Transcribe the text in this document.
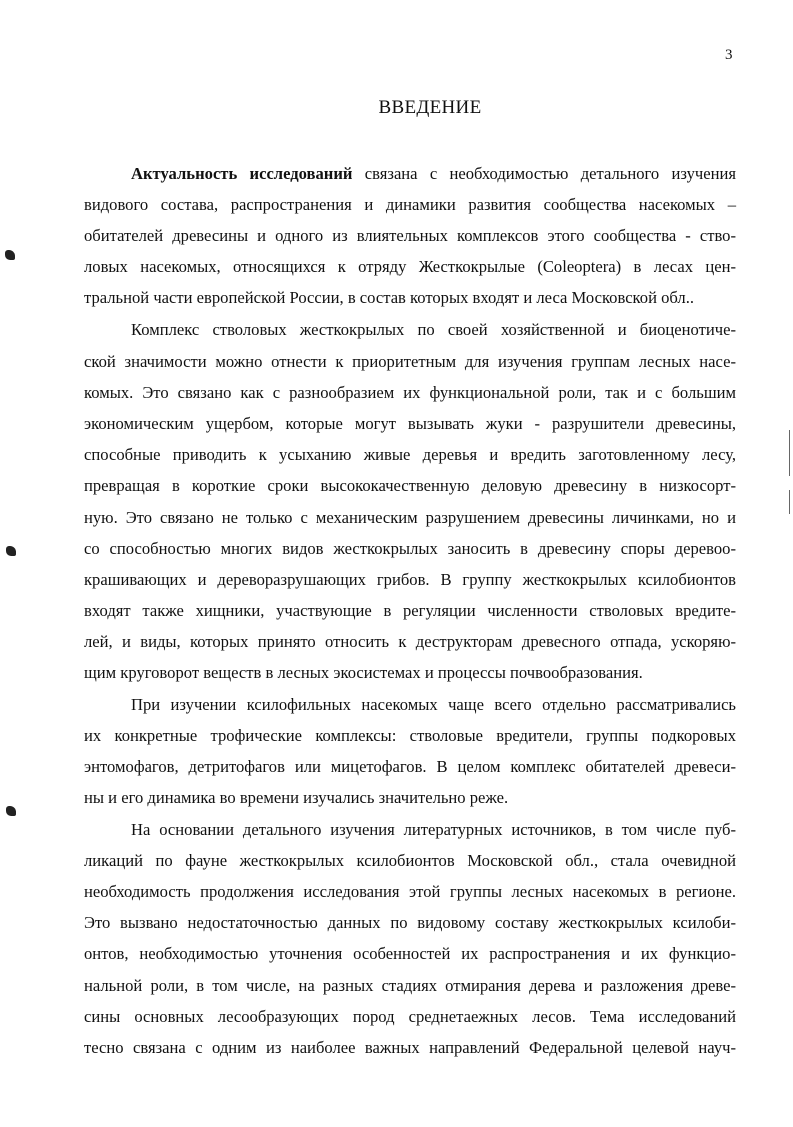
3
ВВЕДЕНИЕ
Актуальность исследований связана с необходимостью детального изучения
видового состава, распространения и динамики развития сообщества насекомых –
обитателей древесины и одного из влиятельных комплексов этого сообщества - ство-
ловых насекомых, относящихся к отряду Жесткокрылые (Coleoptera) в лесах цен-
тральной части европейской России, в состав которых входят и леса Московской обл..
Комплекс стволовых жесткокрылых по своей хозяйственной и биоценотиче-
ской значимости можно отнести к приоритетным для изучения группам лесных насе-
комых. Это связано как с разнообразием их функциональной роли, так и с большим
экономическим ущербом, которые могут вызывать жуки - разрушители древесины,
способные приводить к усыханию живые деревья и вредить заготовленному лесу,
превращая в короткие сроки высококачественную деловую древесину в низкосорт-
ную. Это связано не только с механическим разрушением древесины личинками, но и
со способностью многих видов жесткокрылых заносить в древесину споры деревоо-
крашивающих и дереворазрушающих грибов. В группу жесткокрылых ксилобионтов
входят также хищники, участвующие в регуляции численности стволовых вредите-
лей, и виды, которых принято относить к деструкторам древесного отпада, ускоряю-
щим круговорот веществ в лесных экосистемах и процессы почвообразования.
При изучении ксилофильных насекомых чаще всего отдельно рассматривались
их конкретные трофические комплексы: стволовые вредители, группы подкоровых
энтомофагов, детритофагов или мицетофагов. В целом комплекс обитателей древеси-
ны и его динамика во времени изучались значительно реже.
На основании детального изучения литературных источников, в том числе пуб-
ликаций по фауне жесткокрылых ксилобионтов Московской обл., стала очевидной
необходимость продолжения исследования этой группы лесных насекомых в регионе.
Это вызвано недостаточностью данных по видовому составу жесткокрылых ксилоби-
онтов, необходимостью уточнения особенностей их распространения и их функцио-
нальной роли, в том числе, на разных стадиях отмирания дерева и разложения древе-
сины основных лесообразующих пород среднетаежных лесов. Тема исследований
тесно связана с одним из наиболее важных направлений Федеральной целевой науч-
